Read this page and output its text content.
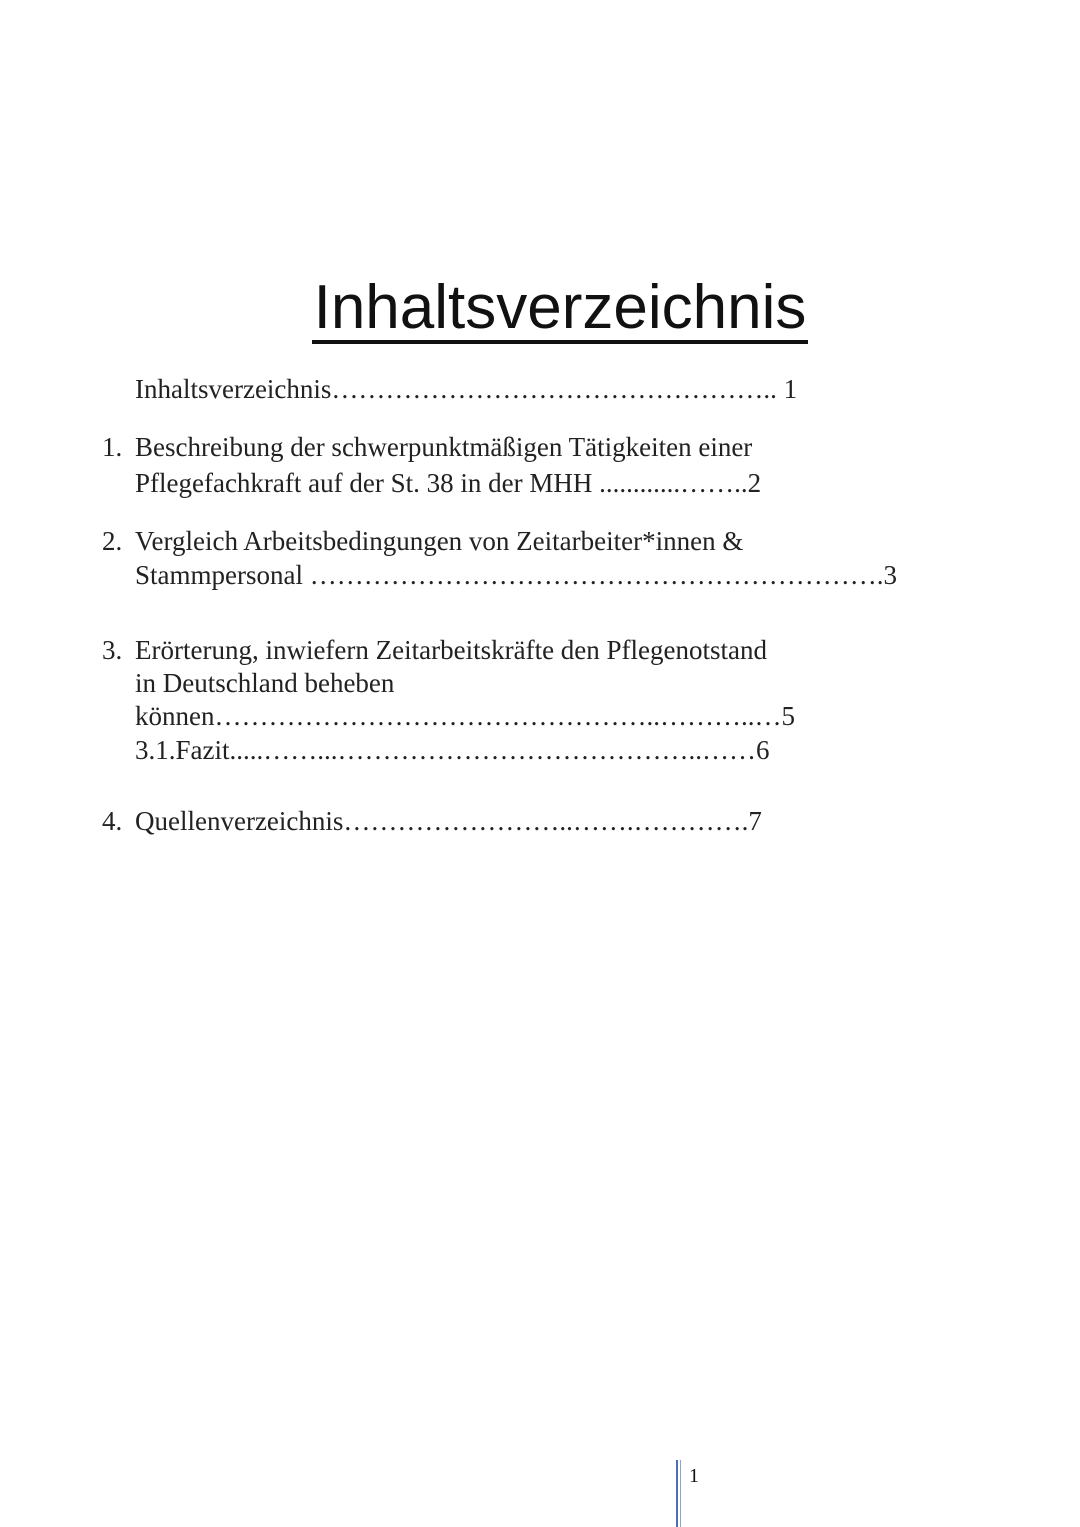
Inhaltsverzeichnis
Inhaltsverzeichnis………………………………………….. 1
1. Beschreibung der schwerpunktmäßigen Tätigkeiten einer
Pflegefachkraft auf der St. 38 in der MHH ............……..2
2. Vergleich Arbeitsbedingungen von Zeitarbeiter*innen &
Stammpersonal ……………………………………………………….3
3. Erörterung, inwiefern Zeitarbeitskräfte den Pflegenotstand
in Deutschland beheben
können…………………………………………..………..…5
3.1.Fazit.....……...…………………………………..……6
4. Quellenverzeichnis……………………..…….………….7
1
